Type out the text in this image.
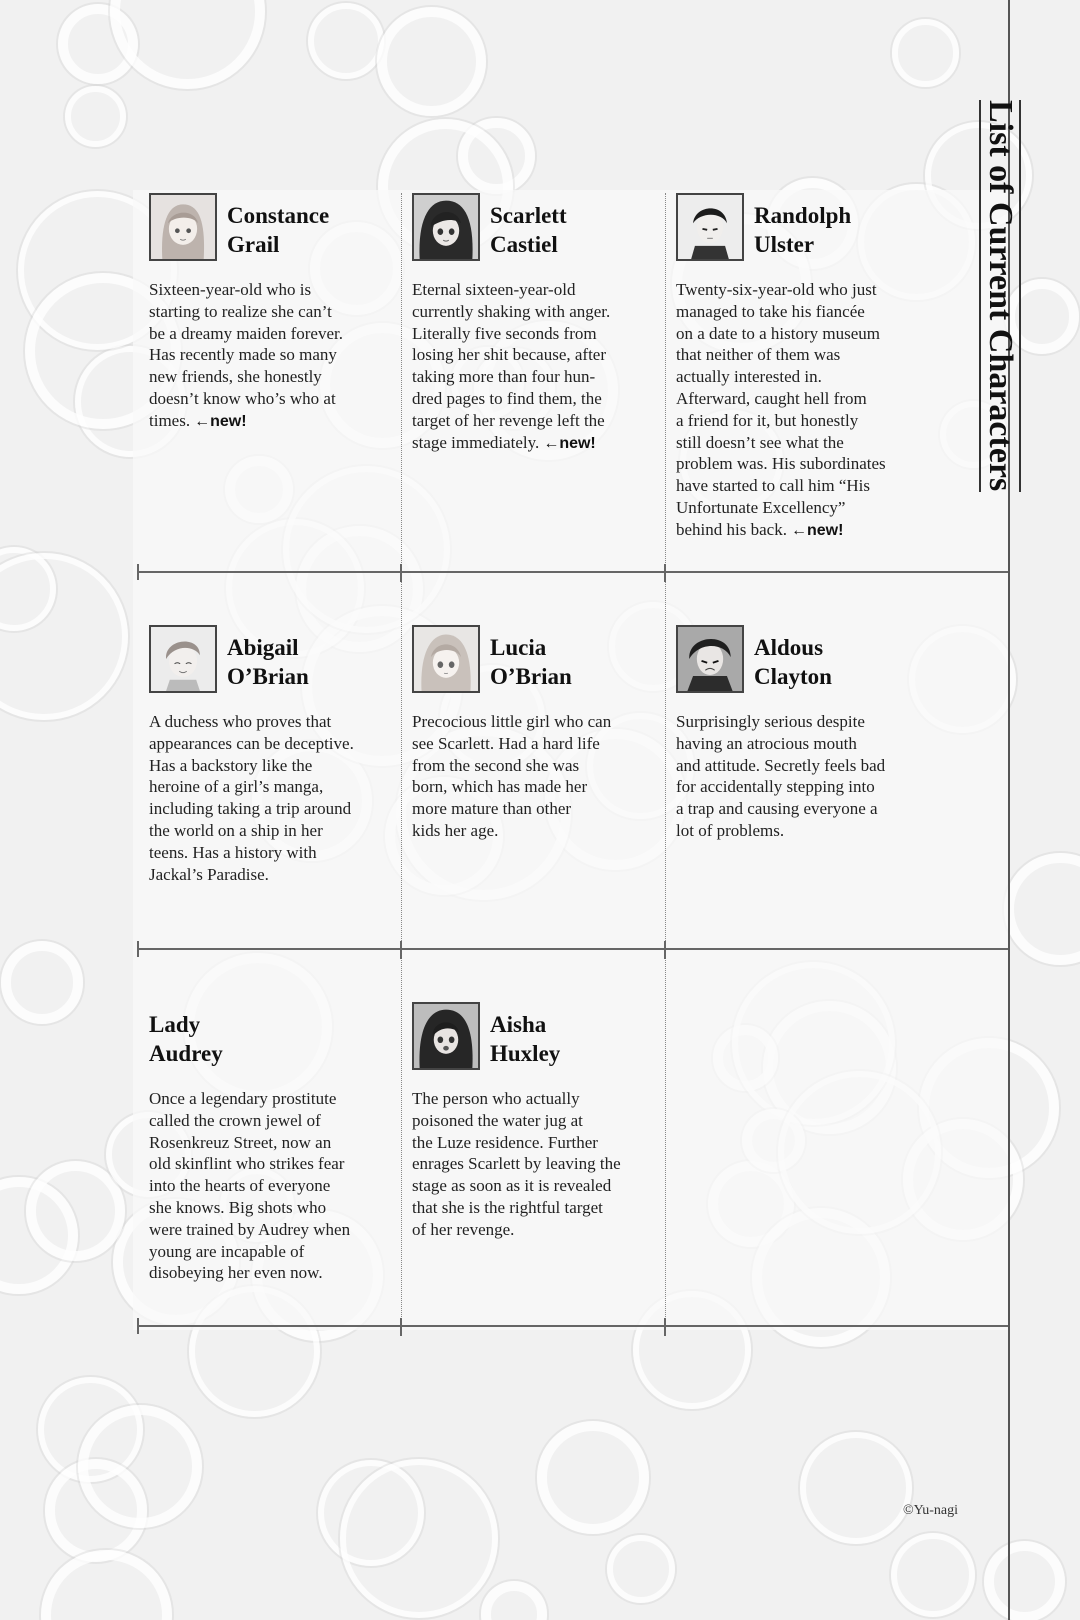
List of Current Characters
Constance
Grail
Sixteen-year-old who is
starting to realize she can’t
be a dreamy maiden forever.
Has recently made so many
new friends, she honestly
doesn’t know who’s who at
times. ←new!
Scarlett
Castiel
Eternal sixteen-year-old
currently shaking with anger.
Literally five seconds from
losing her shit because, after
taking more than four hun-
dred pages to find them, the
target of her revenge left the
stage immediately. ←new!
Randolph
Ulster
Twenty-six-year-old who just
managed to take his fiancée
on a date to a history museum
that neither of them was
actually interested in.
Afterward, caught hell from
a friend for it, but honestly
still doesn’t see what the
problem was. His subordinates
have started to call him “His
Unfortunate Excellency”
behind his back. ←new!
Abigail
O’Brian
A duchess who proves that
appearances can be deceptive.
Has a backstory like the
heroine of a girl’s manga,
including taking a trip around
the world on a ship in her
teens. Has a history with
Jackal’s Paradise.
Lucia
O’Brian
Precocious little girl who can
see Scarlett. Had a hard life
from the second she was
born, which has made her
more mature than other
kids her age.
Aldous
Clayton
Surprisingly serious despite
having an atrocious mouth
and attitude. Secretly feels bad
for accidentally stepping into
a trap and causing everyone a
lot of problems.
Lady
Audrey
Once a legendary prostitute
called the crown jewel of
Rosenkreuz Street, now an
old skinflint who strikes fear
into the hearts of everyone
she knows. Big shots who
were trained by Audrey when
young are incapable of
disobeying her even now.
Aisha
Huxley
The person who actually
poisoned the water jug at
the Luze residence. Further
enrages Scarlett by leaving the
stage as soon as it is revealed
that she is the rightful target
of her revenge.
©Yu-nagi
